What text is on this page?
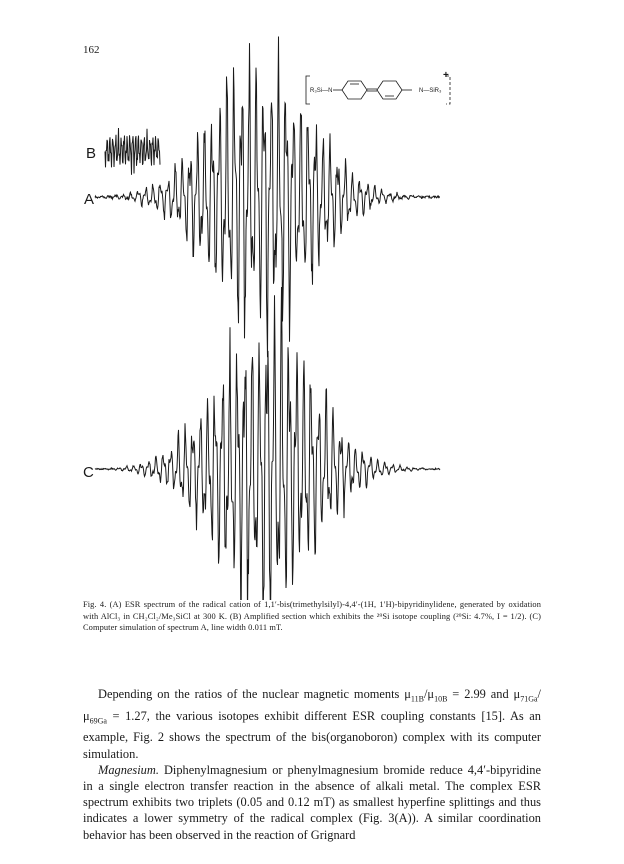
162
R₃Si—N	N—SiR₃
+
B
A
C
Fig. 4. (A) ESR spectrum of the radical cation of 1,1′-bis(trimethylsilyl)-4,4′-(1H, 1′H)-bipyridinylidene, generated by oxidation with AlCl₃ in CH₂Cl₂/Me₃SiCl at 300 K. (B) Amplified section which exhibits the ²⁹Si isotope coupling (²⁹Si: 4.7%, I = 1/2). (C) Computer simulation of spectrum A, line width 0.011 mT.

Depending on the ratios of the nuclear magnetic moments $\mu_{11B}/\mu_{10B} = 2.99$ and $\mu_{71Ga}/\mu_{69Ga} = 1.27$, the various isotopes exhibit different ESR coupling constants [15]. As an example, Fig. 2 shows the spectrum of the bis(organoboron) complex with its computer simulation.

Magnesium. Diphenylmagnesium or phenylmagnesium bromide reduce 4,4′-bipyridine in a single electron transfer reaction in the absence of alkali metal. The complex ESR spectrum exhibits two triplets (0.05 and 0.12 mT) as smallest hyperfine splittings and thus indicates a lower symmetry of the radical complex (Fig. 3(A)). A similar coordination behavior has been observed in the reaction of Grignard
